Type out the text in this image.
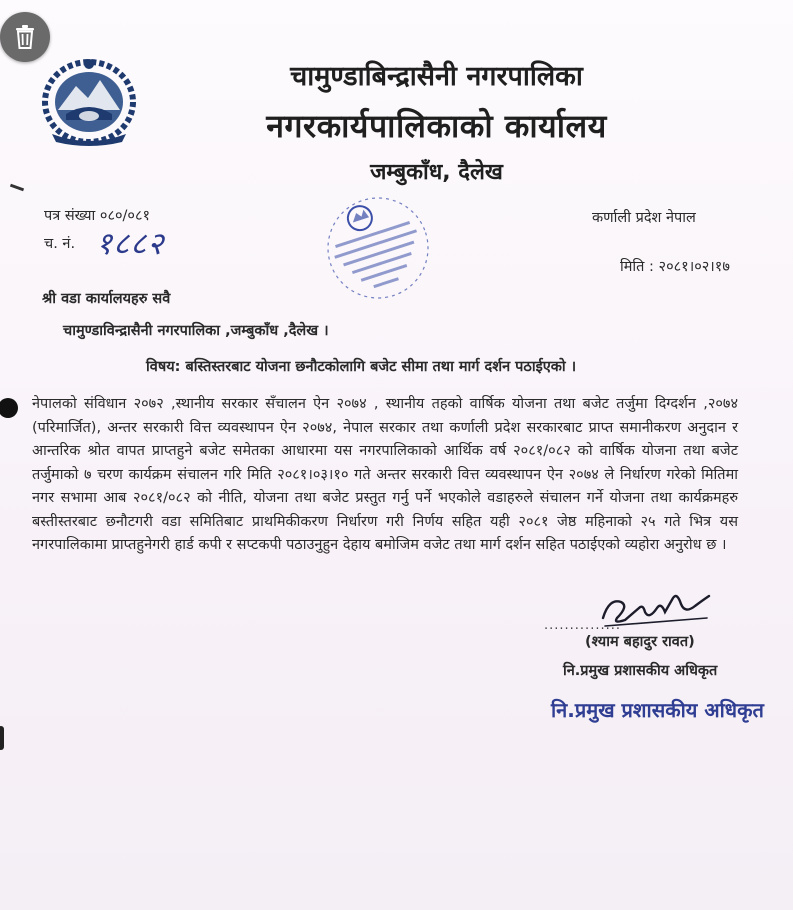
चामुण्डाबिन्द्रासैनी नगरपालिका
नगरकार्यपालिकाको कार्यालय
जम्बुकाँध, दैलेख
पत्र संख्या ०८०/०८१
च. नं. १८८२
कर्णाली प्रदेश नेपाल
मिति : २०८१।०२।१७
श्री वडा कार्यालयहरु सवै
चामुण्डाविन्द्रासैनी नगरपालिका ,जम्बुकाँध ,दैलेख ।
विषय: बस्तिस्तरबाट योजना छनौटकोलागि बजेट सीमा तथा मार्ग दर्शन पठाईएको ।
नेपालको संविधान २०७२ ,स्थानीय सरकार सँचालन ऐन २०७४ , स्थानीय तहको वार्षिक योजना तथा बजेट तर्जुमा दिग्दर्शन ,२०७४ (परिमार्जित), अन्तर सरकारी वित्त व्यवस्थापन ऐन २०७४, नेपाल सरकार तथा कर्णाली प्रदेश सरकारबाट प्राप्त समानीकरण अनुदान र आन्तरिक श्रोत वापत प्राप्तहुने बजेट समेतका आधारमा यस नगरपालिकाको आर्थिक वर्ष २०८१/०८२ को वार्षिक योजना तथा बजेट तर्जुमाको ७ चरण कार्यक्रम संचालन गरि मिति २०८१।०३।१० गते अन्तर सरकारी वित्त व्यवस्थापन ऐन २०७४ ले निर्धारण गरेको मितिमा नगर सभामा आब २०८१/०८२ को नीति, योजना तथा बजेट प्रस्तुत गर्नु पर्ने भएकोले वडाहरुले संचालन गर्ने योजना तथा कार्यक्रमहरु बस्तीस्तरबाट छनौटगरी वडा समितिबाट प्राथमिकीकरण निर्धारण गरी निर्णय सहित यही २०८१ जेष्ठ महिनाको २५ गते भित्र यस नगरपालिकामा प्राप्तहुनेगरी हार्ड कपी र सप्टकपी पठाउनुहुन देहाय बमोजिम वजेट तथा मार्ग दर्शन सहित पठाईएको व्यहोरा अनुरोध छ ।
...............
(श्याम बहादुर रावत)
नि.प्रमुख प्रशासकीय अधिकृत
नि.प्रमुख प्रशासकीय अधिकृत
